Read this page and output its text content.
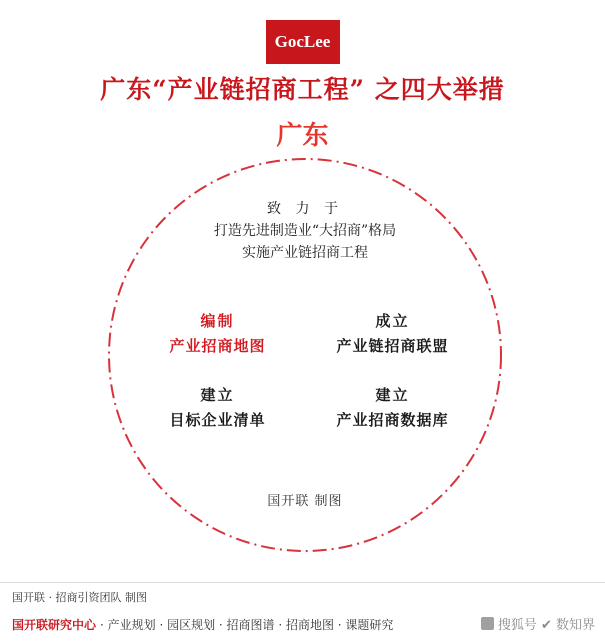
GocLee
广东“产业链招商工程” 之四大举措
广东
致 力 于
打造先进制造业“大招商”格局
实施产业链招商工程
编制
产业招商地图
成立
产业链招商联盟
建立
目标企业清单
建立
产业招商数据库
国开联 制图
国开联 · 招商引资团队 制图
国开联研究中心 · 产业规划 · 园区规划 · 招商图谱 · 招商地图 · 课题研究	搜狐号 ✔ 数知界
